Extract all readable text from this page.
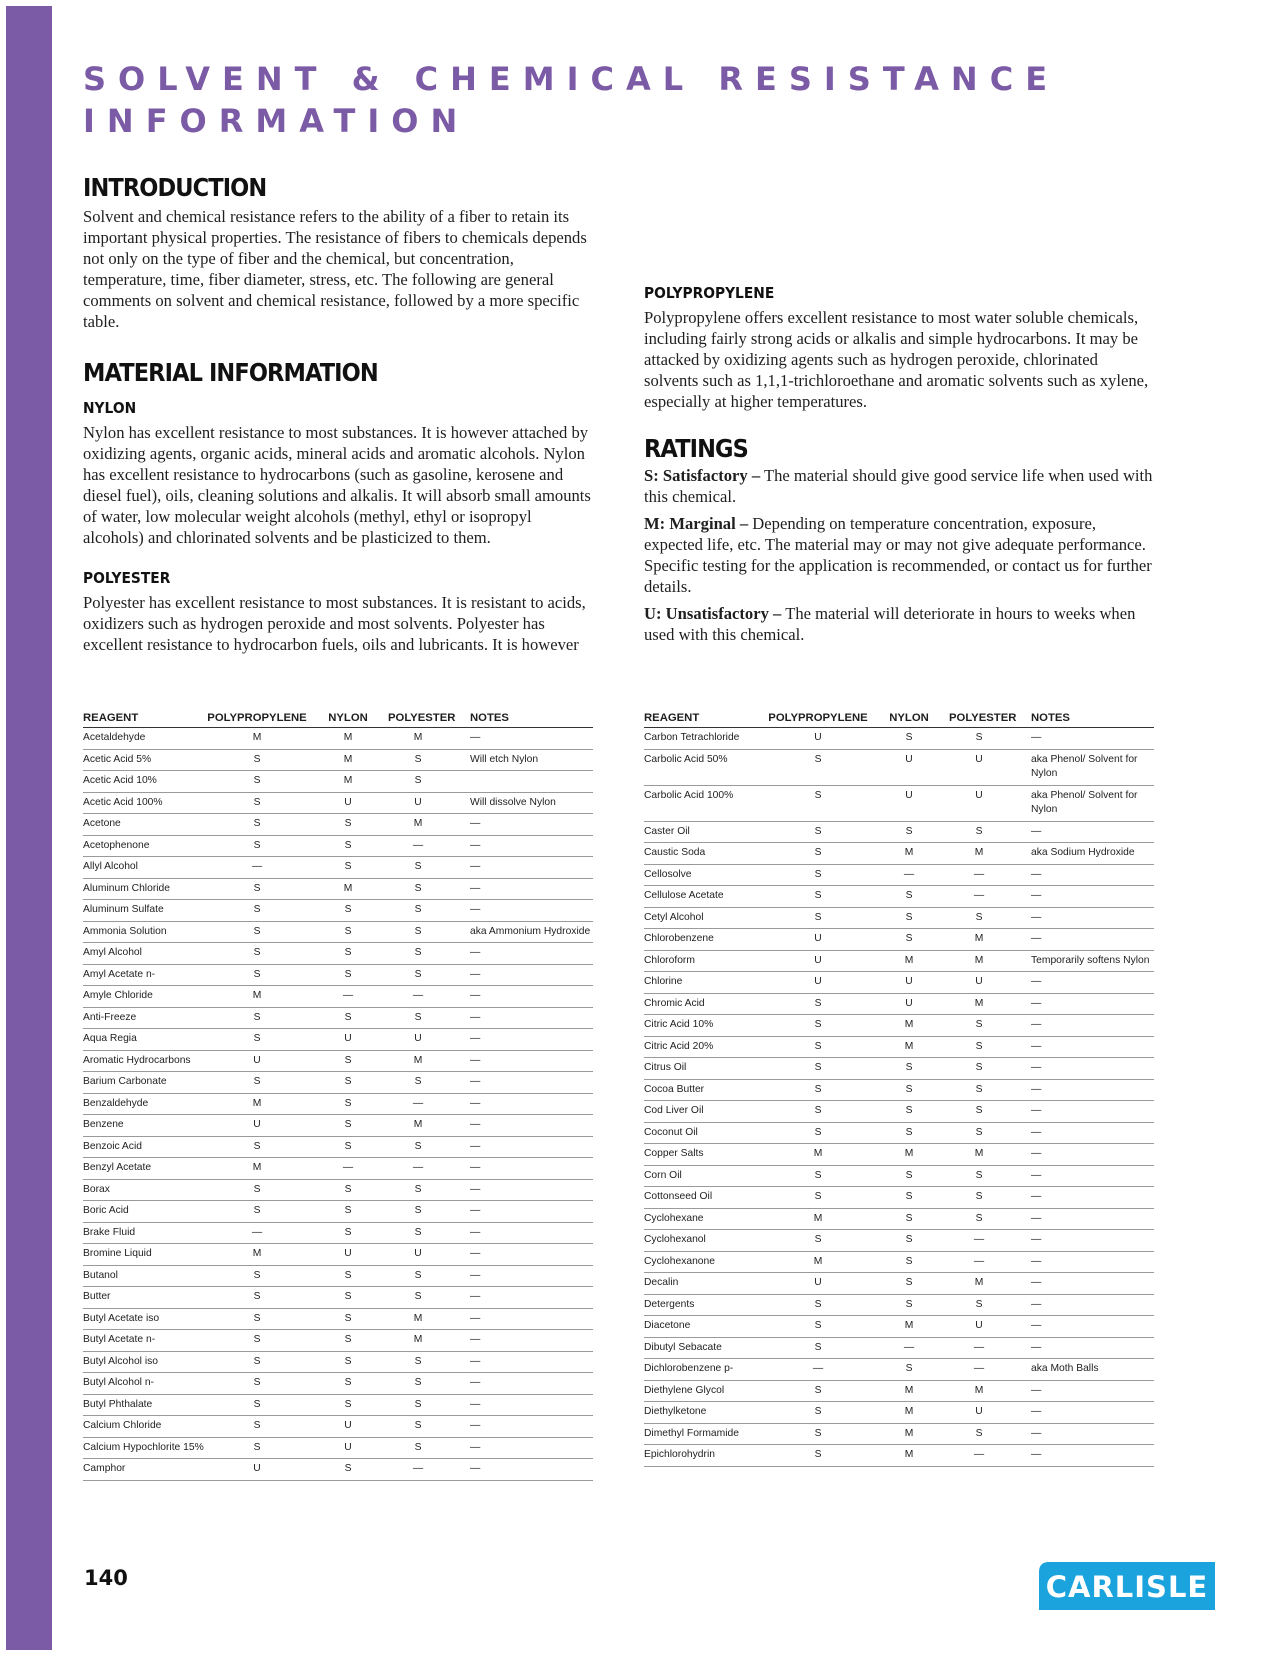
SOLVENT & CHEMICAL RESISTANCE INFORMATION
INTRODUCTION

Solvent and chemical resistance refers to the ability of a fiber to retain its important physical properties. The resistance of fibers to chemicals depends not only on the type of fiber and the chemical, but concentration, temperature, time, fiber diameter, stress, etc. The following are general comments on solvent and chemical resistance, followed by a more specific table.

MATERIAL INFORMATION
NYLON

Nylon has excellent resistance to most substances. It is however attached by oxidizing agents, organic acids, mineral acids and aromatic alcohols. Nylon has excellent resistance to hydrocarbons (such as gasoline, kerosene and diesel fuel), oils, cleaning solutions and alkalis. It will absorb small amounts of water, low molecular weight alcohols (methyl, ethyl or isopropyl alcohols) and chlorinated solvents and be plasticized to them.

POLYESTER

Polyester has excellent resistance to most substances. It is resistant to acids, oxidizers such as hydrogen peroxide and most solvents. Polyester has excellent resistance to hydrocarbon fuels, oils and lubricants. It is however

POLYPROPYLENE

Polypropylene offers excellent resistance to most water soluble chemicals, including fairly strong acids or alkalis and simple hydrocarbons. It may be attacked by oxidizing agents such as hydrogen peroxide, chlorinated solvents such as 1,1,1-trichloroethane and aromatic solvents such as xylene, especially at higher temperatures.

RATINGS

S: Satisfactory – The material should give good service life when used with this chemical.

M: Marginal – Depending on temperature concentration, exposure, expected life, etc. The material may or may not give adequate performance. Specific testing for the application is recommended, or contact us for further details.

U: Unsatisfactory – The material will deteriorate in hours to weeks when used with this chemical.

REAGENT	POLYPROPYLENE	NYLON	POLYESTER	NOTES
Acetaldehyde	M	M	M	—
Acetic Acid 5%	S	M	S	Will etch Nylon
Acetic Acid 10%	S	M	S	
Acetic Acid 100%	S	U	U	Will dissolve Nylon
Acetone	S	S	M	—
Acetophenone	S	S	—	—
Allyl Alcohol	—	S	S	—
Aluminum Chloride	S	M	S	—
Aluminum Sulfate	S	S	S	—
Ammonia Solution	S	S	S	aka Ammonium Hydroxide
Amyl Alcohol	S	S	S	—
Amyl Acetate n-	S	S	S	—
Amyle Chloride	M	—	—	—
Anti-Freeze	S	S	S	—
Aqua Regia	S	U	U	—
Aromatic Hydrocarbons	U	S	M	—
Barium Carbonate	S	S	S	—
Benzaldehyde	M	S	—	—
Benzene	U	S	M	—
Benzoic Acid	S	S	S	—
Benzyl Acetate	M	—	—	—
Borax	S	S	S	—
Boric Acid	S	S	S	—
Brake Fluid	—	S	S	—
Bromine Liquid	M	U	U	—
Butanol	S	S	S	—
Butter	S	S	S	—
Butyl Acetate iso	S	S	M	—
Butyl Acetate n-	S	S	M	—
Butyl Alcohol iso	S	S	S	—
Butyl Alcohol n-	S	S	S	—
Butyl Phthalate	S	S	S	—
Calcium Chloride	S	U	S	—
Calcium Hypochlorite 15%	S	U	S	—
Camphor	U	S	—	—
REAGENT	POLYPROPYLENE	NYLON	POLYESTER	NOTES
Carbon Tetrachloride	U	S	S	—
Carbolic Acid 50%	S	U	U	aka Phenol/ Solvent for Nylon
Carbolic Acid 100%	S	U	U	aka Phenol/ Solvent for Nylon
Caster Oil	S	S	S	—
Caustic Soda	S	M	M	aka Sodium Hydroxide
Cellosolve	S	—	—	—
Cellulose Acetate	S	S	—	—
Cetyl Alcohol	S	S	S	—
Chlorobenzene	U	S	M	—
Chloroform	U	M	M	Temporarily softens Nylon
Chlorine	U	U	U	—
Chromic Acid	S	U	M	—
Citric Acid 10%	S	M	S	—
Citric Acid 20%	S	M	S	—
Citrus Oil	S	S	S	—
Cocoa Butter	S	S	S	—
Cod Liver Oil	S	S	S	—
Coconut Oil	S	S	S	—
Copper Salts	M	M	M	—
Corn Oil	S	S	S	—
Cottonseed Oil	S	S	S	—
Cyclohexane	M	S	S	—
Cyclohexanol	S	S	—	—
Cyclohexanone	M	S	—	—
Decalin	U	S	M	—
Detergents	S	S	S	—
Diacetone	S	M	U	—
Dibutyl Sebacate	S	—	—	—
Dichlorobenzene p-	—	S	—	aka Moth Balls
Diethylene Glycol	S	M	M	—
Diethylketone	S	M	U	—
Dimethyl Formamide	S	M	S	—
Epichlorohydrin	S	M	—	—
140	CARLISLE
